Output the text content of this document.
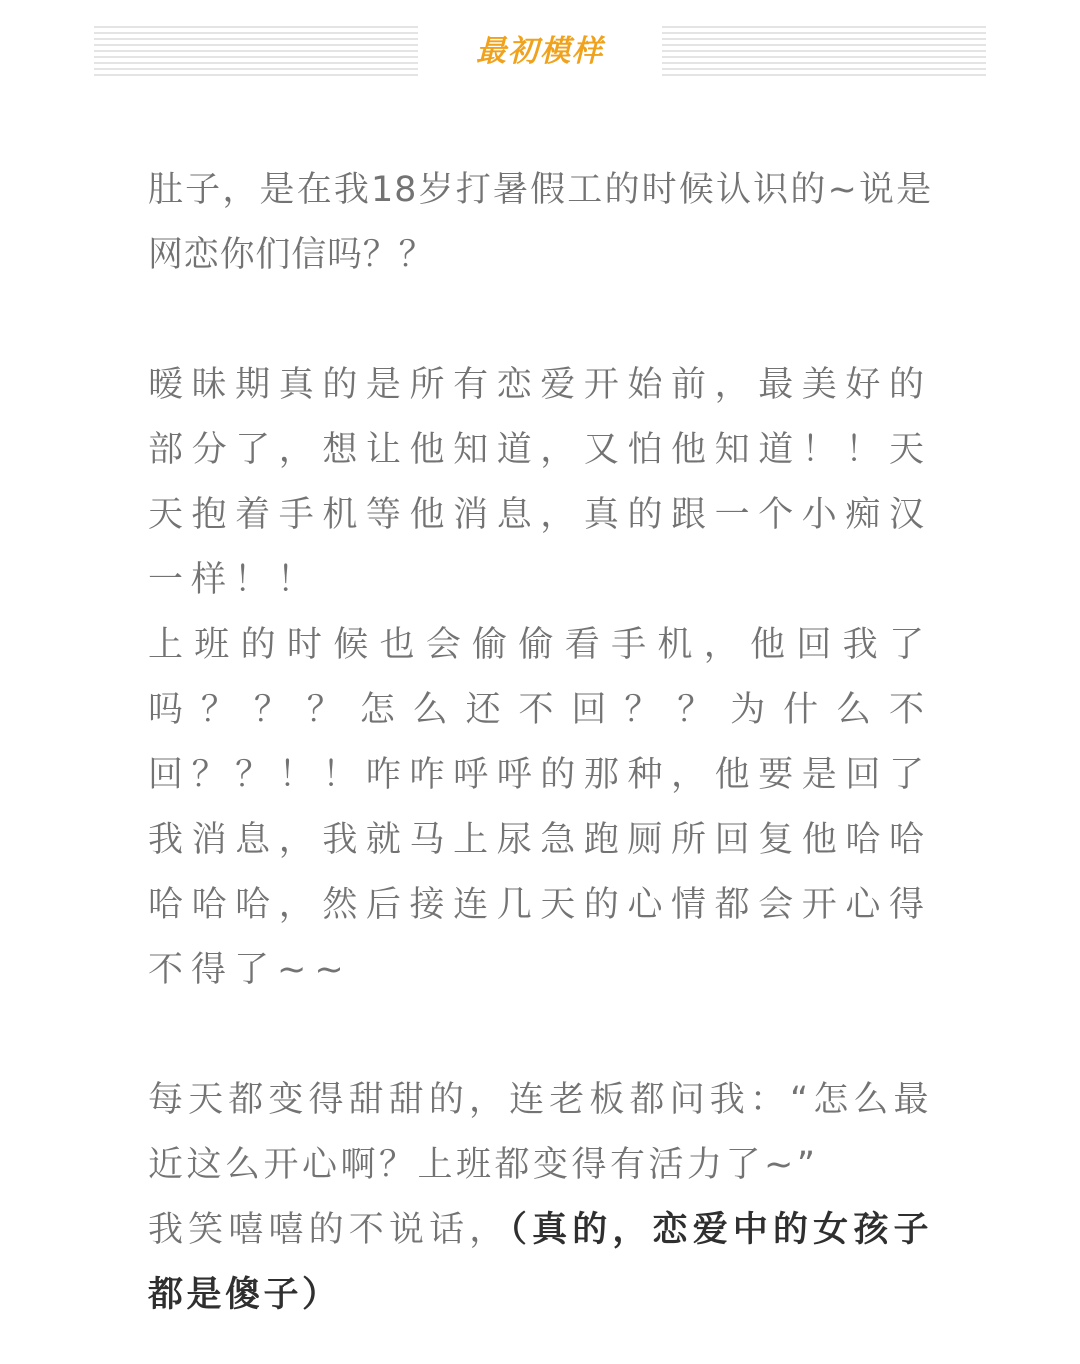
最初模样

肚子，是在我18岁打暑假工的时候认识的~说是网恋你们信吗？？

暧昧期真的是所有恋爱开始前，最美好的部分了，想让他知道，又怕他知道！！天天抱着手机等他消息，真的跟一个小痴汉一样！！

上班的时候也会偷偷看手机，他回我了吗？？？怎么还不回？？为什么不回？？！！咋咋呼呼的那种，他要是回了我消息，我就马上尿急跑厕所回复他哈哈哈哈哈，然后接连几天的心情都会开心得不得了~~

每天都变得甜甜的，连老板都问我：“怎么最近这么开心啊？上班都变得有活力了~”

我笑嘻嘻的不说话，（真的，恋爱中的女孩子都是傻子）
